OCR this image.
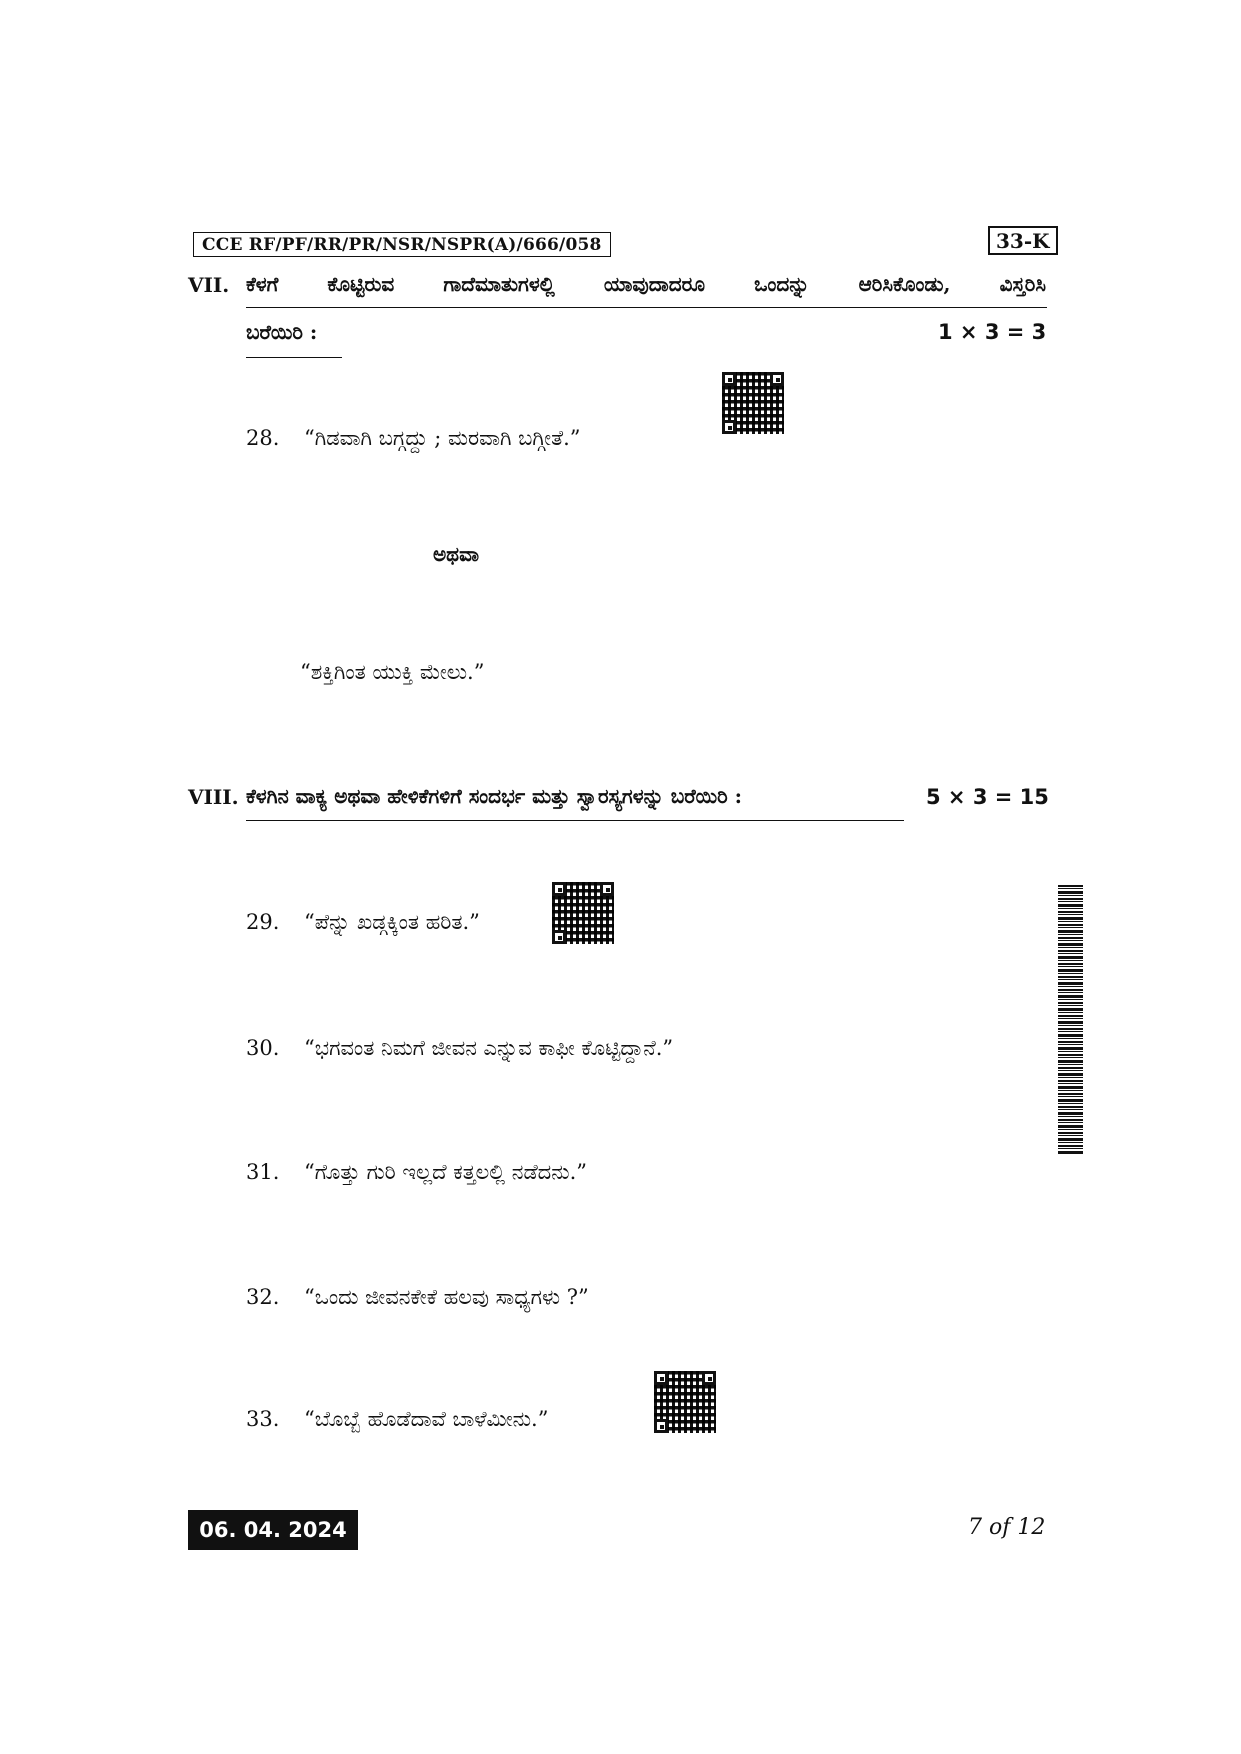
CCE RF/PF/RR/PR/NSR/NSPR(A)/666/058	33-K
VII. ಕೆಳಗೆ ಕೊಟ್ಟಿರುವ ಗಾದೆಮಾತುಗಳಲ್ಲಿ ಯಾವುದಾದರೂ ಒಂದನ್ನು ಆರಿಸಿಕೊಂಡು, ವಿಸ್ತರಿಸಿ
ಬರೆಯಿರಿ :	1 × 3 = 3
28. “ಗಿಡವಾಗಿ ಬಗ್ಗದ್ದು ; ಮರವಾಗಿ ಬಗ್ಗೀತೆ.”
ಅಥವಾ
“ಶಕ್ತಿಗಿಂತ ಯುಕ್ತಿ ಮೇಲು.”
VIII. ಕೆಳಗಿನ ವಾಕ್ಯ ಅಥವಾ ಹೇಳಿಕೆಗಳಿಗೆ ಸಂದರ್ಭ ಮತ್ತು ಸ್ವಾರಸ್ಯಗಳನ್ನು ಬರೆಯಿರಿ :	5 × 3 = 15
29. “ಪೆನ್ನು ಖಡ್ಗಕ್ಕಿಂತ ಹರಿತ.”
30. “ಭಗವಂತ ನಿಮಗೆ ಜೀವನ ಎನ್ನುವ ಕಾಫೀ ಕೊಟ್ಟಿದ್ದಾನೆ.”
31. “ಗೊತ್ತು ಗುರಿ ಇಲ್ಲದೆ ಕತ್ತಲಲ್ಲಿ ನಡೆದನು.”
32. “ಒಂದು ಜೀವನಕೇಕೆ ಹಲವು ಸಾಧ್ಯಗಳು ?”
33. “ಬೊಬ್ಬೆ ಹೊಡೆದಾವೆ ಬಾಳೆಮೀನು.”
06. 04. 2024	7 of 12
